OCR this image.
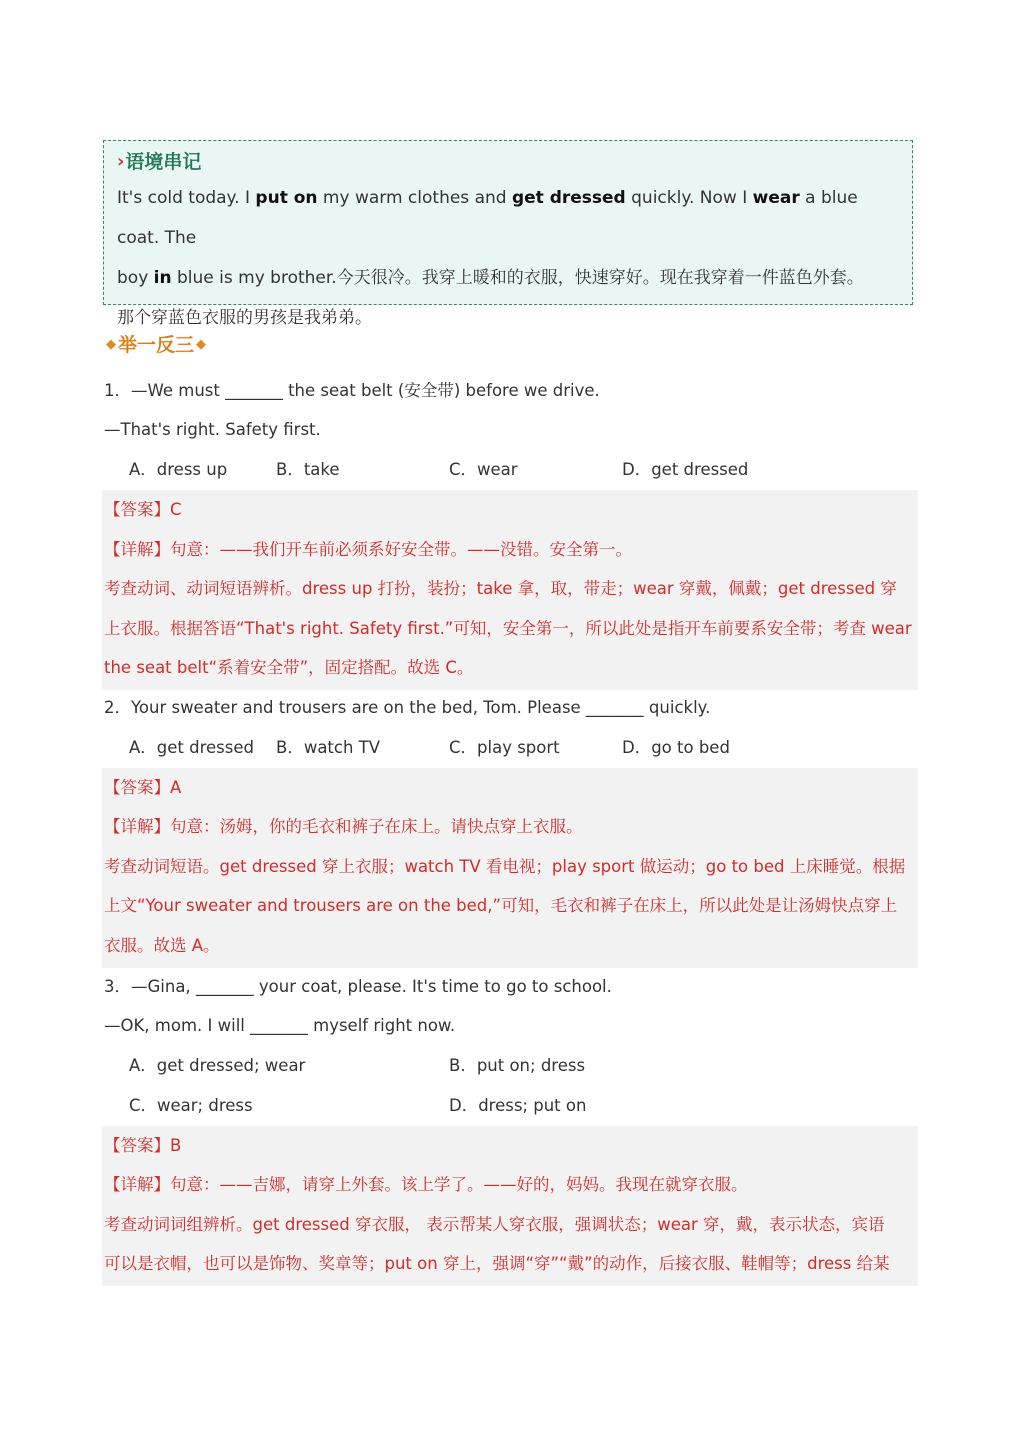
› 语境串记
It's cold today. I put on my warm clothes and get dressed quickly. Now I wear a blue coat. The
boy in blue is my brother.今天很冷。我穿上暖和的衣服，快速穿好。现在我穿着一件蓝色外套。
那个穿蓝色衣服的男孩是我弟弟。
◆ 举一反三 ◆
1．—We must _______ the seat belt (安全带) before we drive.
—That's right. Safety first.
A．dress up	B．take	C．wear	D．get dressed
【答案】C
【详解】句意：——我们开车前必须系好安全带。——没错。安全第一。
考查动词、动词短语辨析。dress up 打扮，装扮；take 拿，取，带走；wear 穿戴，佩戴；get dressed 穿
上衣服。根据答语“That's right. Safety first.”可知，安全第一，所以此处是指开车前要系安全带；考查 wear
the seat belt“系着安全带”，固定搭配。故选 C。
2．Your sweater and trousers are on the bed, Tom. Please _______ quickly.
A．get dressed B．watch TV	C．play sport	D．go to bed
【答案】A
【详解】句意：汤姆，你的毛衣和裤子在床上。请快点穿上衣服。
考查动词短语。get dressed 穿上衣服；watch TV 看电视；play sport 做运动；go to bed 上床睡觉。根据
上文“Your sweater and trousers are on the bed,”可知，毛衣和裤子在床上，所以此处是让汤姆快点穿上
衣服。故选 A。
3．—Gina, _______ your coat, please. It's time to go to school.
—OK, mom. I will _______ myself right now.
A．get dressed; wear	B．put on; dress
C．wear; dress	D．dress; put on
【答案】B
【详解】句意：——吉娜，请穿上外套。该上学了。——好的，妈妈。我现在就穿衣服。
考查动词词组辨析。get dressed 穿衣服， 表示帮某人穿衣服，强调状态；wear 穿，戴，表示状态，宾语
可以是衣帽，也可以是饰物、奖章等；put on 穿上，强调“穿”“戴”的动作，后接衣服、鞋帽等；dress 给某
